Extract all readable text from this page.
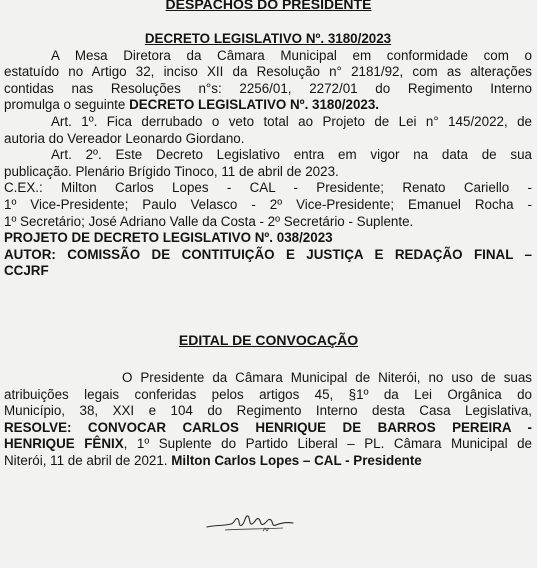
DESPACHOS DO PRESIDENTE
DECRETO LEGISLATIVO Nº. 3180/2023
A Mesa Diretora da Câmara Municipal em conformidade com o
estatuído no Artigo 32, inciso XII da Resolução n° 2181/92, com as alterações
contidas nas Resoluções n°s: 2256/01, 2272/01 do Regimento Interno
promulga o seguinte DECRETO LEGISLATIVO Nº. 3180/2023.
Art. 1º. Fica derrubado o veto total ao Projeto de Lei n° 145/2022, de
autoria do Vereador Leonardo Giordano.
Art. 2º. Este Decreto Legislativo entra em vigor na data de sua
publicação. Plenário Brígido Tinoco, 11 de abril de 2023.
C.EX.: Milton Carlos Lopes - CAL - Presidente; Renato Cariello -
1º Vice-Presidente; Paulo Velasco - 2º Vice-Presidente; Emanuel Rocha -
1º Secretário; José Adriano Valle da Costa - 2º Secretário - Suplente.
PROJETO DE DECRETO LEGISLATIVO Nº. 038/2023
AUTOR: COMISSÃO DE CONTITUIÇÃO E JUSTIÇA E REDAÇÃO FINAL –
CCJRF
EDITAL DE CONVOCAÇÃO
O Presidente da Câmara Municipal de Niterói, no uso de suas
atribuições legais conferidas pelos artigos 45, §1º da Lei Orgânica do
Município, 38, XXI e 104 do Regimento Interno desta Casa Legislativa,
RESOLVE: CONVOCAR CARLOS HENRIQUE DE BARROS PEREIRA -
HENRIQUE FÊNIX, 1º Suplente do Partido Liberal – PL. Câmara Municipal de
Niterói, 11 de abril de 2021. Milton Carlos Lopes – CAL - Presidente
